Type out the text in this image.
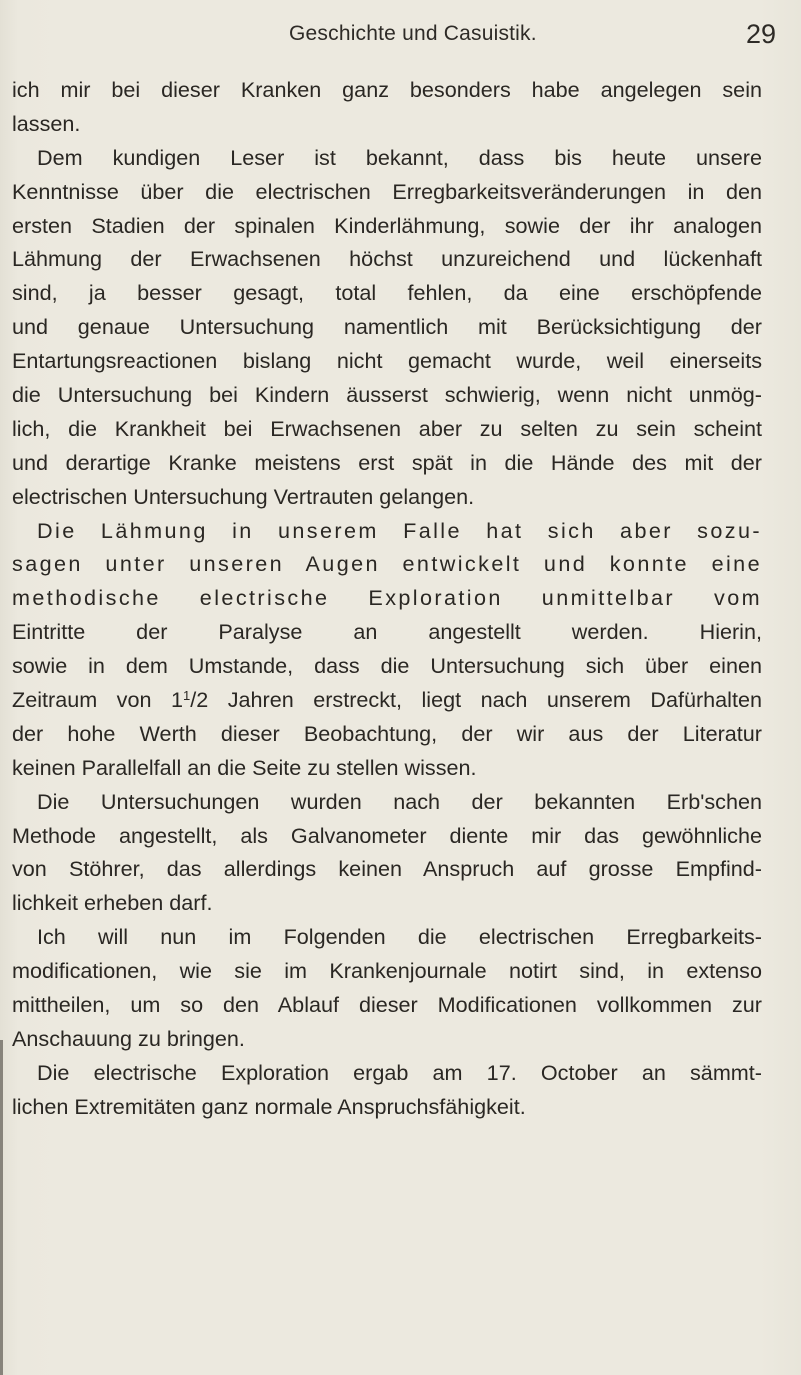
Geschichte und Casuistik.	29
ich mir bei dieser Kranken ganz besonders habe angelegen sein
lassen.
Dem kundigen Leser ist bekannt, dass bis heute unsere
Kenntnisse über die electrischen Erregbarkeitsveränderungen in den
ersten Stadien der spinalen Kinderlähmung, sowie der ihr analogen
Lähmung der Erwachsenen höchst unzureichend und lückenhaft
sind, ja besser gesagt, total fehlen, da eine erschöpfende
und genaue Untersuchung namentlich mit Berücksichtigung der
Entartungsreactionen bislang nicht gemacht wurde, weil einerseits
die Untersuchung bei Kindern äusserst schwierig, wenn nicht unmög-
lich, die Krankheit bei Erwachsenen aber zu selten zu sein scheint
und derartige Kranke meistens erst spät in die Hände des mit der
electrischen Untersuchung Vertrauten gelangen.
Die Lähmung in unserem Falle hat sich aber sozu-
sagen unter unseren Augen entwickelt und konnte eine
methodische electrische Exploration unmittelbar vom
Eintritte der Paralyse an angestellt werden. Hierin,
sowie in dem Umstande, dass die Untersuchung sich über einen
Zeitraum von $1^1/2$ Jahren erstreckt, liegt nach unserem Dafürhalten
der hohe Werth dieser Beobachtung, der wir aus der Literatur
keinen Parallelfall an die Seite zu stellen wissen.
Die Untersuchungen wurden nach der bekannten Erb'schen
Methode angestellt, als Galvanometer diente mir das gewöhnliche
von Stöhrer, das allerdings keinen Anspruch auf grosse Empfind-
lichkeit erheben darf.
Ich will nun im Folgenden die electrischen Erregbarkeits-
modificationen, wie sie im Krankenjournale notirt sind, in extenso
mittheilen, um so den Ablauf dieser Modificationen vollkommen zur
Anschauung zu bringen.
Die electrische Exploration ergab am 17. October an sämmt-
lichen Extremitäten ganz normale Anspruchsfähigkeit.
